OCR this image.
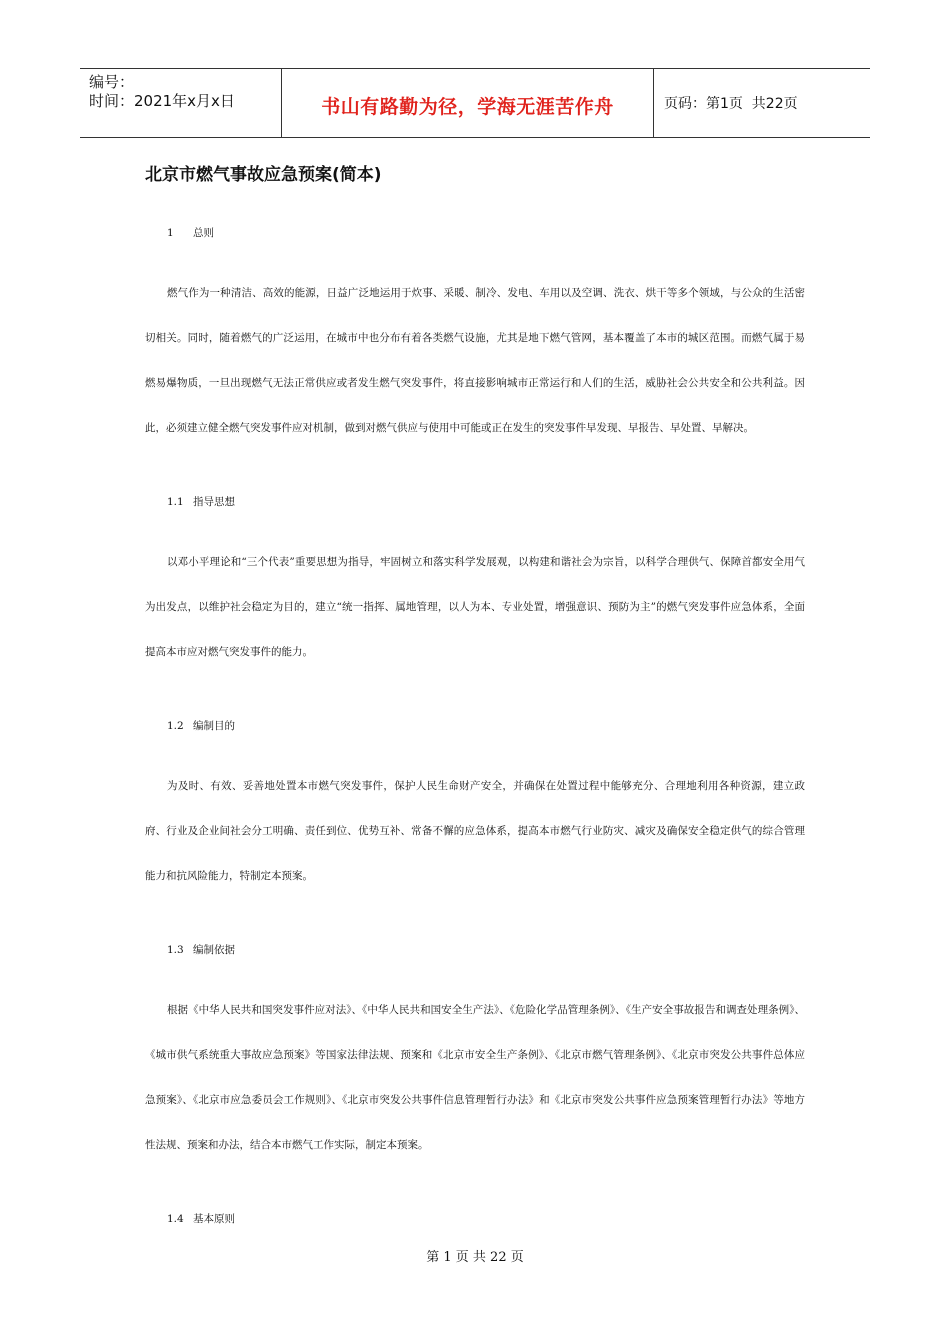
编号：
时间：2021年x月x日	书山有路勤为径，学海无涯苦作舟	页码：第1页  共22页
北京市燃气事故应急预案(简本)
1 总则

燃气作为一种清洁、高效的能源，日益广泛地运用于炊事、采暖、制冷、发电、车用以及空调、洗衣、烘干等多个领域，与公众的生活密切相关。同时，随着燃气的广泛运用，在城市中也分布有着各类燃气设施，尤其是地下燃气管网，基本覆盖了本市的城区范围。而燃气属于易燃易爆物质，一旦出现燃气无法正常供应或者发生燃气突发事件，将直接影响城市正常运行和人们的生活，威胁社会公共安全和公共利益。因此，必须建立健全燃气突发事件应对机制，做到对燃气供应与使用中可能或正在发生的突发事件早发现、早报告、早处置、早解决。

1.1 指导思想

以邓小平理论和“三个代表”重要思想为指导，牢固树立和落实科学发展观，以构建和谐社会为宗旨，以科学合理供气、保障首都安全用气为出发点，以维护社会稳定为目的，建立“统一指挥、属地管理，以人为本、专业处置，增强意识、预防为主”的燃气突发事件应急体系，全面提高本市应对燃气突发事件的能力。

1.2 编制目的

为及时、有效、妥善地处置本市燃气突发事件，保护人民生命财产安全，并确保在处置过程中能够充分、合理地利用各种资源，建立政府、行业及企业间社会分工明确、责任到位、优势互补、常备不懈的应急体系，提高本市燃气行业防灾、减灾及确保安全稳定供气的综合管理能力和抗风险能力，特制定本预案。

1.3 编制依据

根据《中华人民共和国突发事件应对法》、《中华人民共和国安全生产法》、《危险化学品管理条例》、《生产安全事故报告和调查处理条例》、《城市供气系统重大事故应急预案》等国家法律法规、预案和《北京市安全生产条例》、《北京市燃气管理条例》、《北京市突发公共事件总体应急预案》、《北京市应急委员会工作规则》、《北京市突发公共事件信息管理暂行办法》和《北京市突发公共事件应急预案管理暂行办法》等地方性法规、预案和办法，结合本市燃气工作实际，制定本预案。

1.4 基本原则
第 1 页 共 22 页
